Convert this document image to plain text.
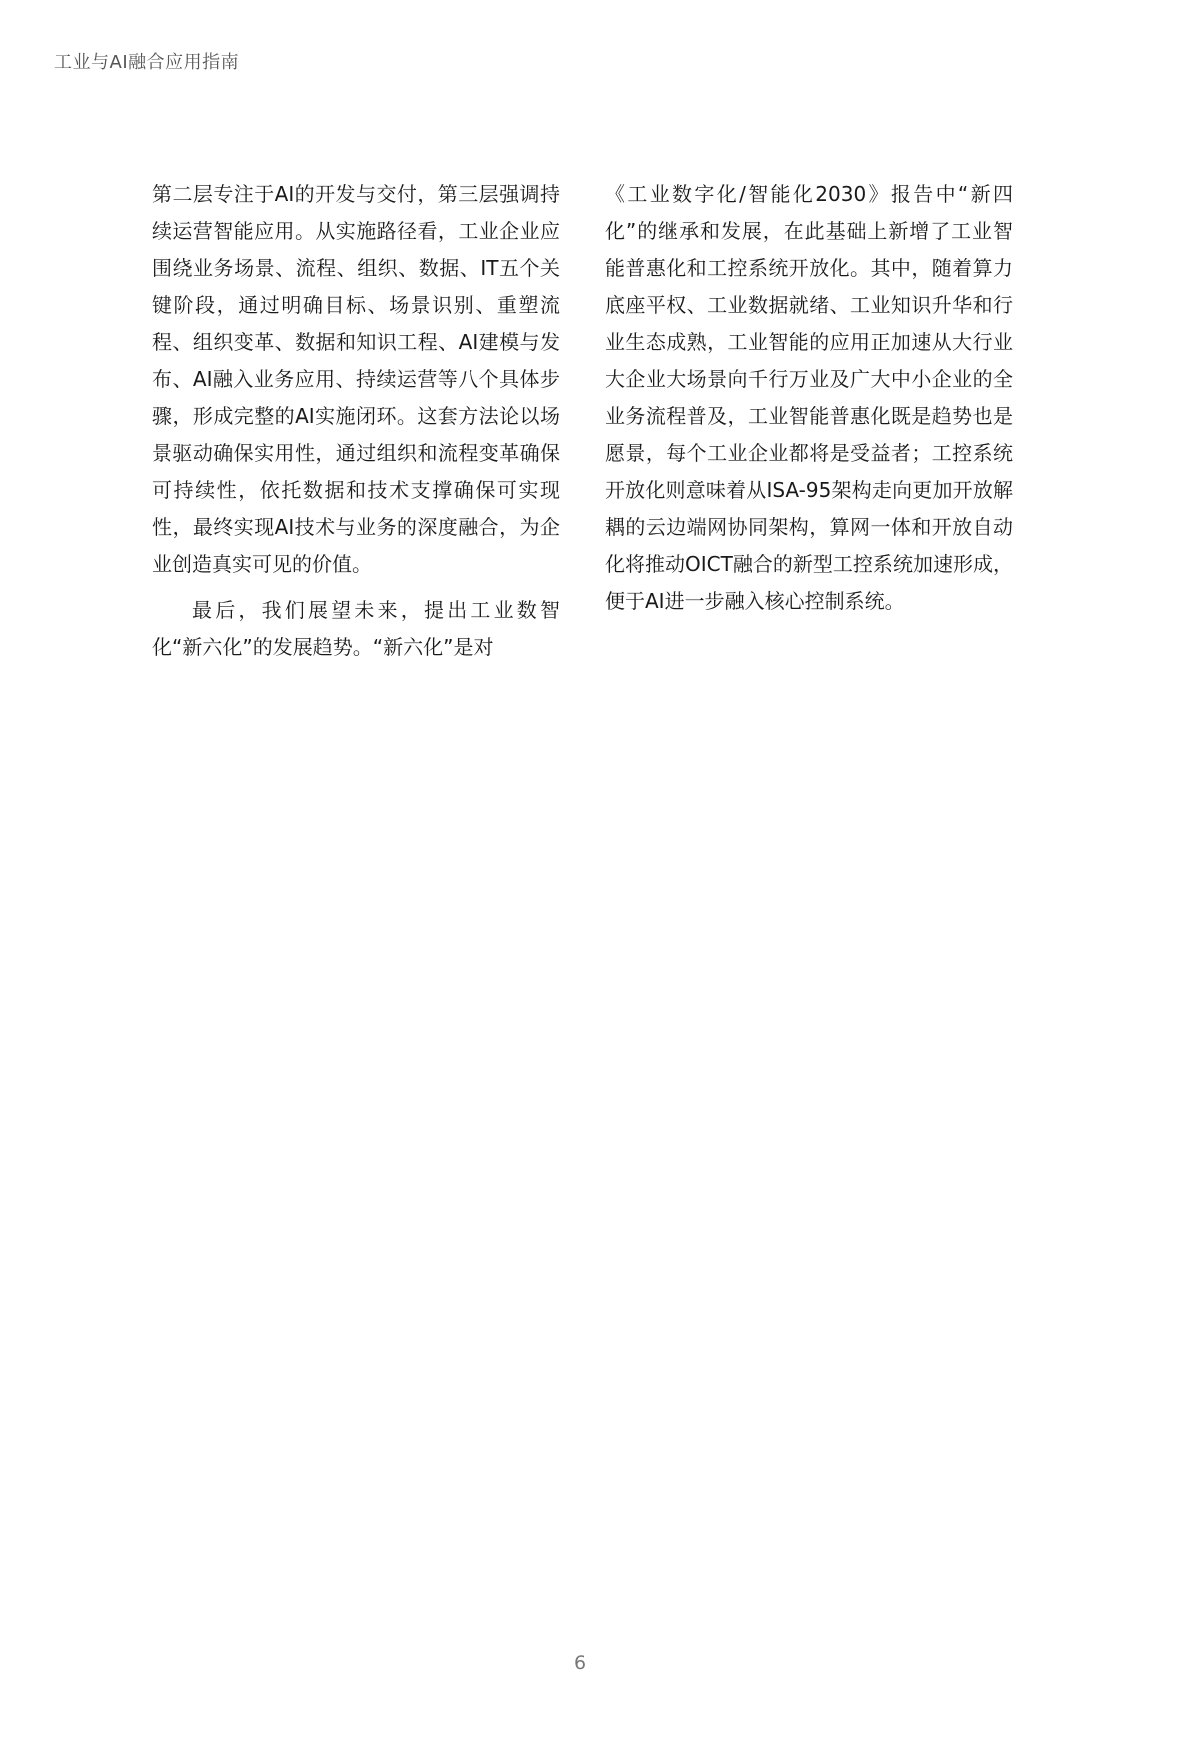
工业与AI融合应用指南

第二层专注于AI的开发与交付，第三层强调持续运营智能应用。从实施路径看，工业企业应围绕业务场景、流程、组织、数据、IT五个关键阶段，通过明确目标、场景识别、重塑流程、组织变革、数据和知识工程、AI建模与发布、AI融入业务应用、持续运营等八个具体步骤，形成完整的AI实施闭环。这套方法论以场景驱动确保实用性，通过组织和流程变革确保可持续性，依托数据和技术支撑确保可实现性，最终实现AI技术与业务的深度融合，为企业创造真实可见的价值。

最后，我们展望未来，提出工业数智化“新六化”的发展趋势。“新六化”是对

《工业数字化/智能化2030》报告中“新四化”的继承和发展，在此基础上新增了工业智能普惠化和工控系统开放化。其中，随着算力底座平权、工业数据就绪、工业知识升华和行业生态成熟，工业智能的应用正加速从大行业大企业大场景向千行万业及广大中小企业的全业务流程普及，工业智能普惠化既是趋势也是愿景，每个工业企业都将是受益者；工控系统开放化则意味着从ISA-95架构走向更加开放解耦的云边端网协同架构，算网一体和开放自动化将推动OICT融合的新型工控系统加速形成，便于AI进一步融入核心控制系统。

6
